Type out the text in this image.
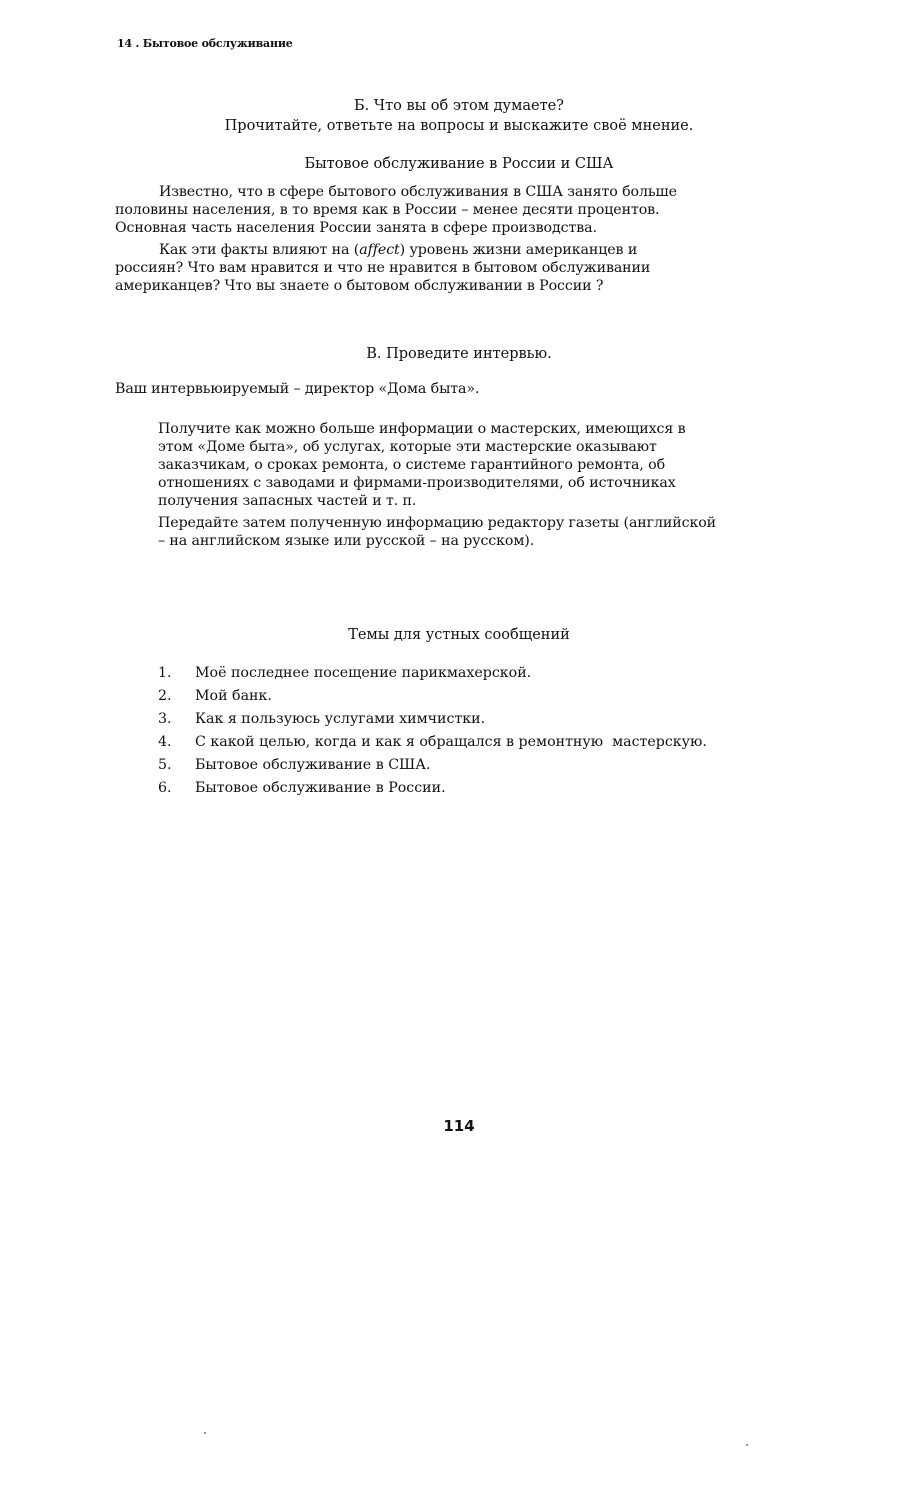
14 . Бытовое обслуживание
Б. Что вы об этом думаете?
Прочитайте, ответьте на вопросы и выскажите своё мнение.
Бытовое обслуживание в России и США
Известно, что в сфере бытового обслуживания в США занято больше
половины населения, в то время как в России – менее десяти процентов.
Основная часть населения России занята в сфере производства.
Как эти факты влияют на (affect) уровень жизни американцев и
россиян? Что вам нравится и что не нравится в бытовом обслуживании
американцев? Что вы знаете о бытовом обслуживании в России ?
В. Проведите интервью.
Ваш интервьюируемый – директор «Дома быта».
Получите как можно больше информации о мастерских, имеющихся в
этом «Доме быта», об услугах, которые эти мастерские оказывают
заказчикам, о сроках ремонта, о системе гарантийного ремонта, об
отношениях с заводами и фирмами-производителями, об источниках
получения запасных частей и т. п.
Передайте затем полученную информацию редактору газеты (английской
– на английском языке или русской – на русском).
Темы для устных сообщений
1.	Моё последнее посещение парикмахерской.
2.	Мой банк.
3.	Как я пользуюсь услугами химчистки.
4.	С какой целью, когда и как я обращался в ремонтную  мастерскую.
5.	Бытовое обслуживание в США.
6.	Бытовое обслуживание в России.
114
